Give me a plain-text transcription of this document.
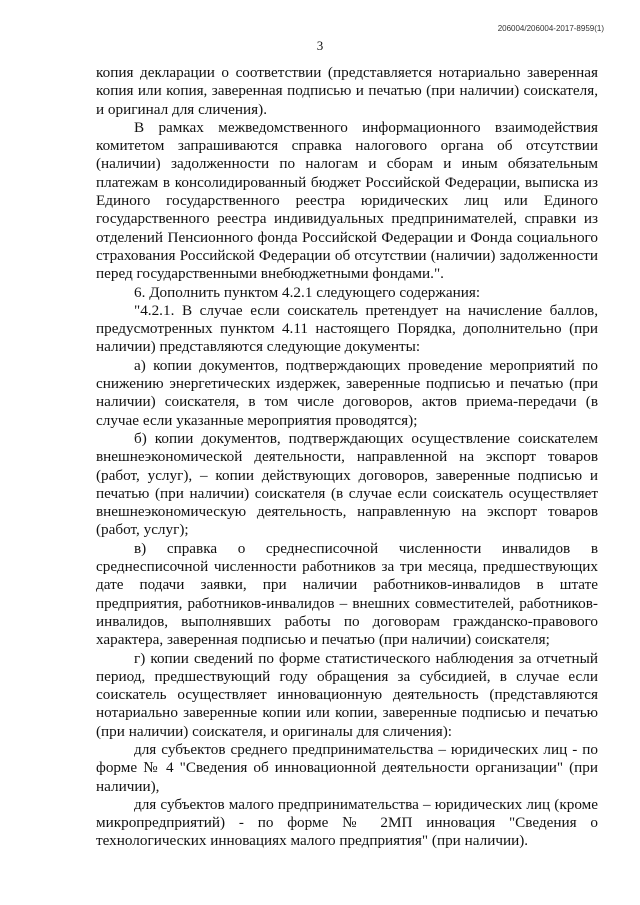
206004/206004-2017-8959(1)
3

копия декларации о соответствии (представляется нотариально заверенная копия или копия, заверенная подписью и печатью (при наличии) соискателя, и оригинал для сличения).

В рамках межведомственного информационного взаимодействия комитетом запрашиваются справка налогового органа об отсутствии (наличии) задолженности по налогам и сборам и иным обязательным платежам в консолидированный бюджет Российской Федерации, выписка из Единого государственного реестра юридических лиц или Единого государственного реестра индивидуальных предпринимателей, справки из отделений Пенсионного фонда Российской Федерации и Фонда социального страхования Российской Федерации об отсутствии (наличии) задолженности перед государственными внебюджетными фондами.".

6. Дополнить пунктом 4.2.1 следующего содержания:

"4.2.1. В случае если соискатель претендует на начисление баллов, предусмотренных пунктом 4.11 настоящего Порядка, дополнительно (при наличии) представляются следующие документы:

а) копии документов, подтверждающих проведение мероприятий по снижению энергетических издержек, заверенные подписью и печатью (при наличии) соискателя, в том числе договоров, актов приема-передачи (в случае если указанные мероприятия проводятся);

б) копии документов, подтверждающих осуществление соискателем внешнеэкономической деятельности, направленной на экспорт товаров (работ, услуг), – копии действующих договоров, заверенные подписью и печатью (при наличии) соискателя (в случае если соискатель осуществляет внешнеэкономическую деятельность, направленную на экспорт товаров (работ, услуг);

в) справка о среднесписочной численности инвалидов в среднесписочной численности работников за три месяца, предшествующих дате подачи заявки, при наличии работников-инвалидов в штате предприятия, работников-инвалидов – внешних совместителей, работников-инвалидов, выполнявших работы по договорам гражданско-правового характера, заверенная подписью и печатью (при наличии) соискателя;

г) копии сведений по форме статистического наблюдения за отчетный период, предшествующий году обращения за субсидией, в случае если соискатель осуществляет инновационную деятельность (представляются нотариально заверенные копии или копии, заверенные подписью и печатью (при наличии) соискателя, и оригиналы для сличения):

для субъектов среднего предпринимательства – юридических лиц - по форме № 4 "Сведения об инновационной деятельности организации" (при наличии),

для субъектов малого предпринимательства – юридических лиц (кроме микропредприятий) - по форме № 2МП инновация "Сведения о технологических инновациях малого предприятия" (при наличии).
